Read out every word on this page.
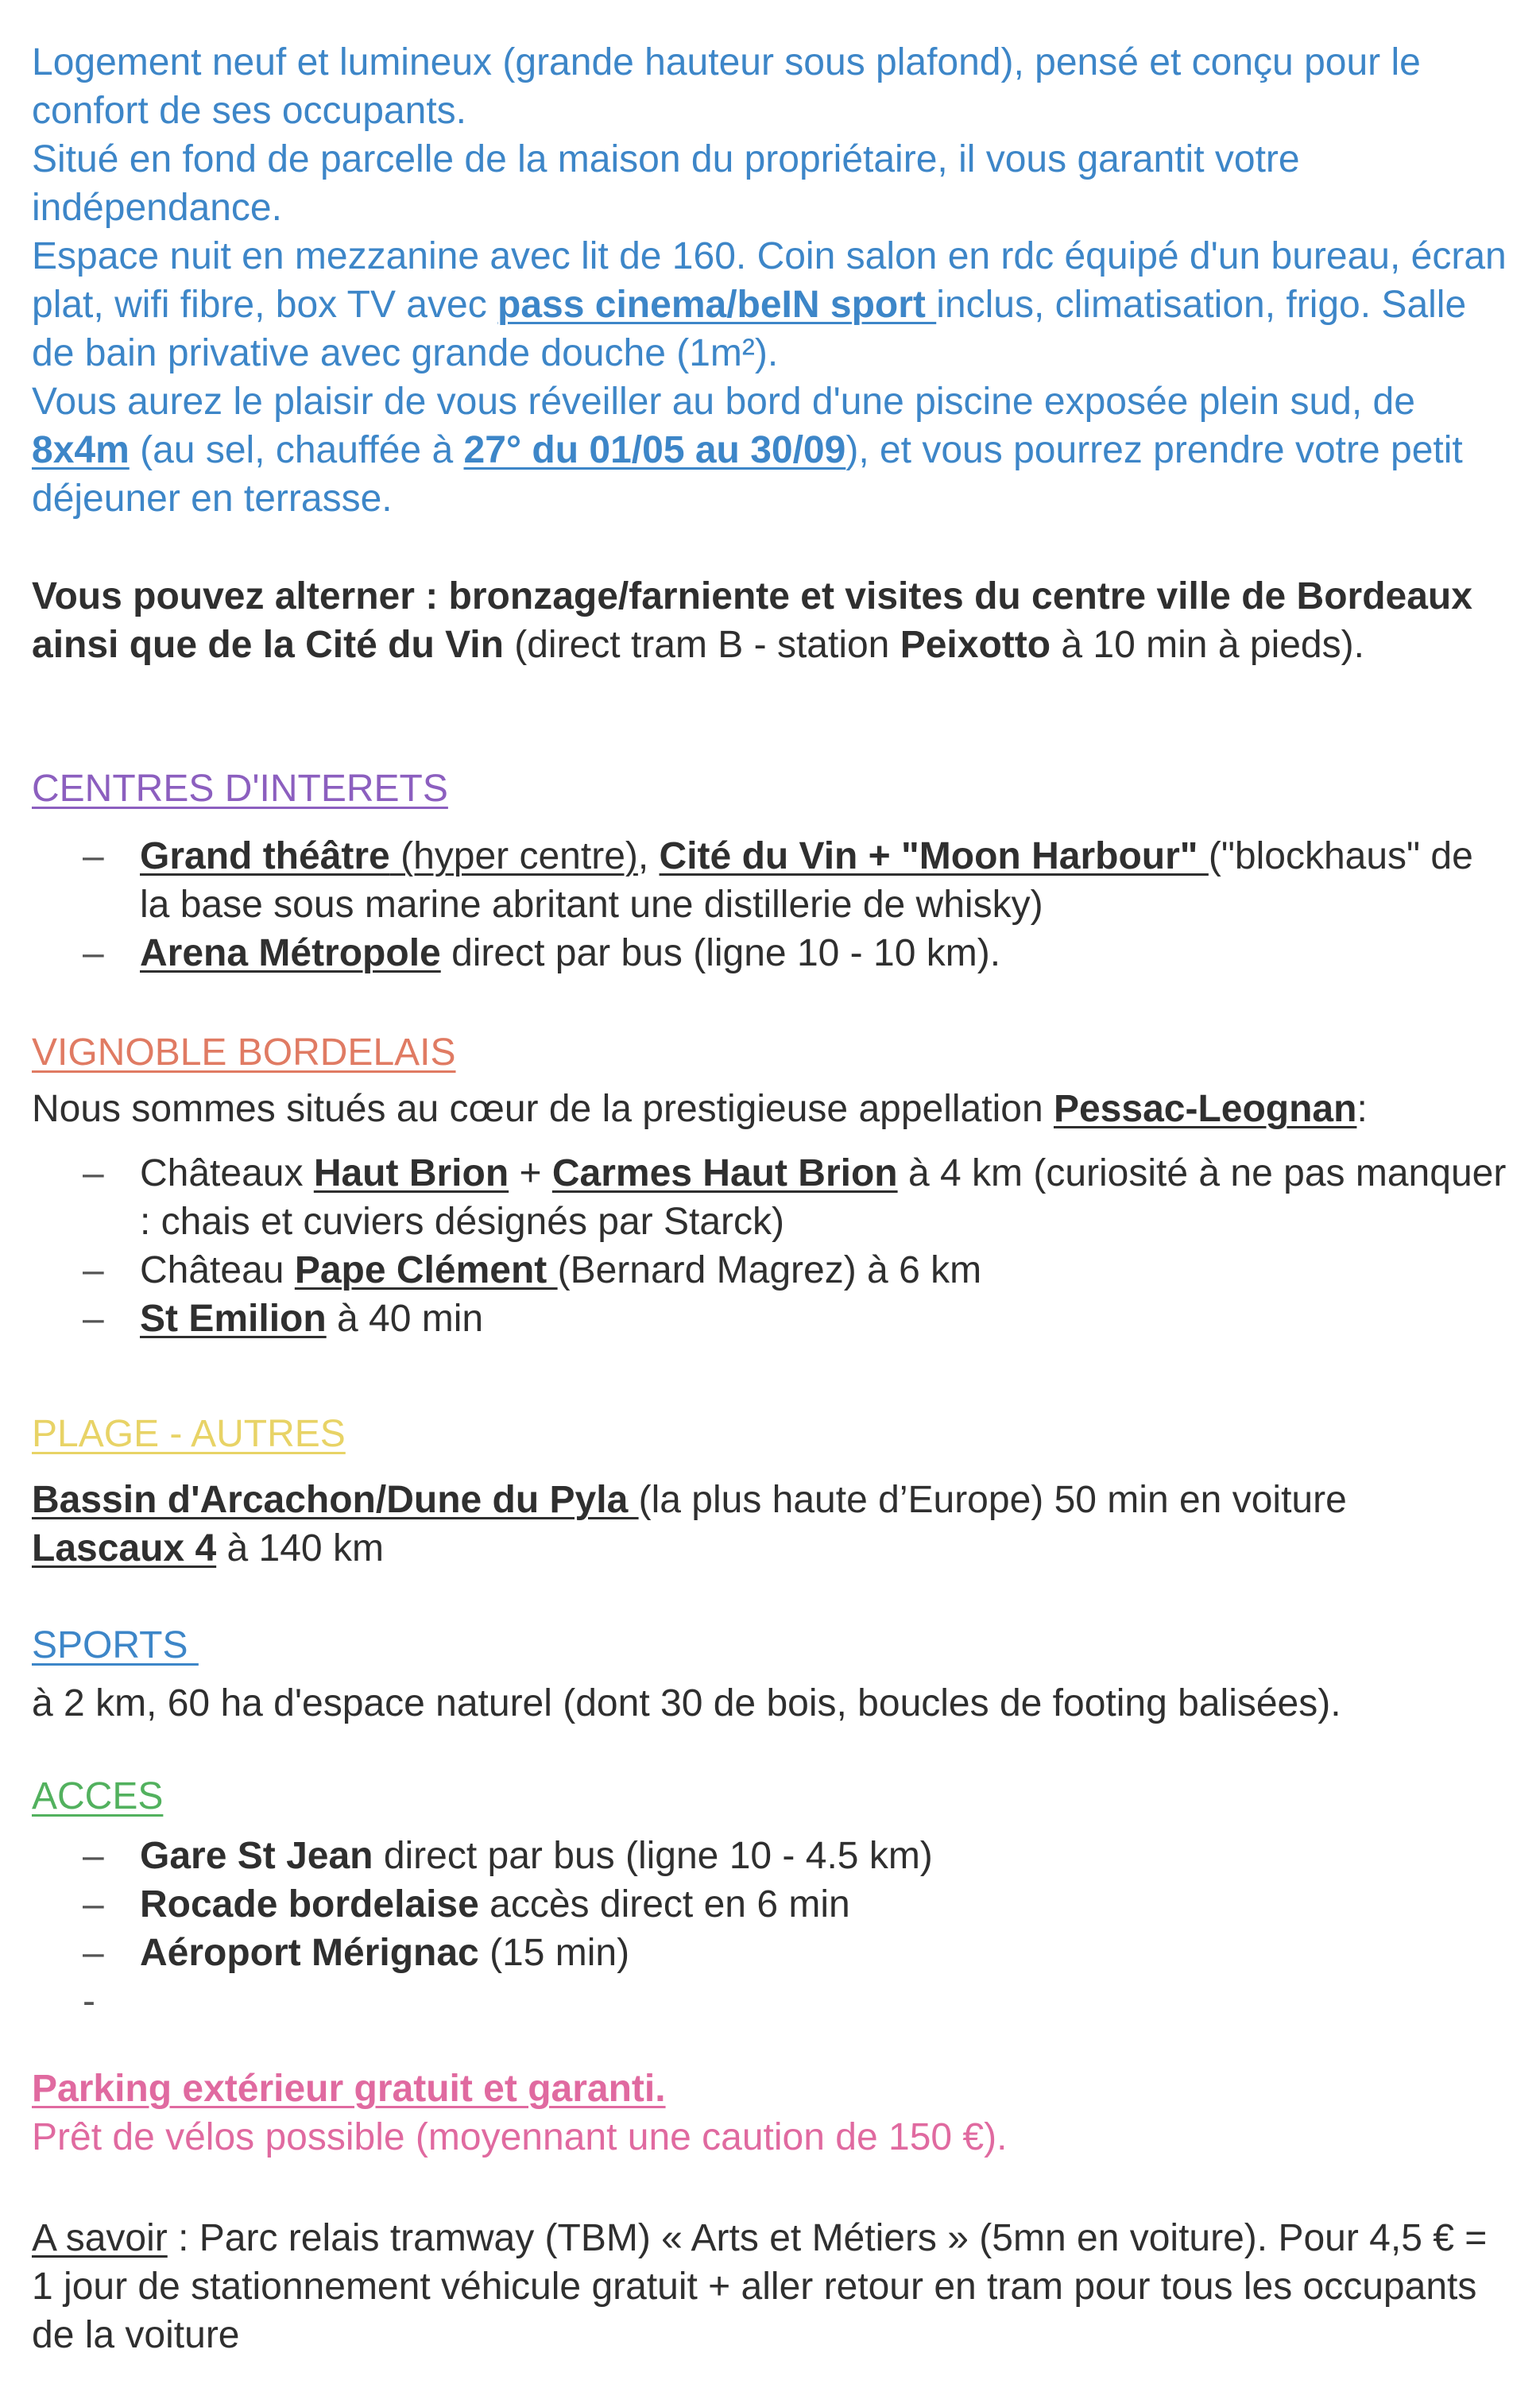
Logement neuf et lumineux (grande hauteur sous plafond), pensé et conçu pour le confort de ses occupants.

Situé en fond de parcelle de la maison du propriétaire, il vous garantit votre indépendance.

Espace nuit en mezzanine avec lit de 160. Coin salon en rdc équipé d'un bureau, écran plat, wifi fibre, box TV avec pass cinema/beIN sport inclus, climatisation, frigo. Salle de bain privative avec grande douche (1m²).

Vous aurez le plaisir de vous réveiller au bord d'une piscine exposée plein sud, de 8x4m (au sel, chauffée à 27° du 01/05 au 30/09), et vous pourrez prendre votre petit déjeuner en terrasse.

Vous pouvez alterner : bronzage/farniente et visites du centre ville de Bordeaux ainsi que de la Cité du Vin (direct tram B - station Peixotto à 10 min à pieds).

CENTRES D'INTERETS

– Grand théâtre (hyper centre), Cité du Vin + "Moon Harbour" ("blockhaus" de la base sous marine abritant une distillerie de whisky)
– Arena Métropole direct par bus (ligne 10 - 10 km).

VIGNOBLE BORDELAIS

Nous sommes situés au cœur de la prestigieuse appellation Pessac-Leognan:

– Châteaux Haut Brion + Carmes Haut Brion à 4 km (curiosité à ne pas manquer : chais et cuviers désignés par Starck)
– Château Pape Clément (Bernard Magrez) à 6 km
– St Emilion à 40 min

PLAGE - AUTRES

Bassin d'Arcachon/Dune du Pyla (la plus haute d’Europe) 50 min en voiture

Lascaux 4 à 140 km

SPORTS

à 2 km, 60 ha d'espace naturel (dont 30 de bois, boucles de footing balisées).

ACCES

– Gare St Jean direct par bus (ligne 10 - 4.5 km)
– Rocade bordelaise accès direct en 6 min
– Aéroport Mérignac (15 min)
-

Parking extérieur gratuit et garanti.

Prêt de vélos possible (moyennant une caution de 150 €).

A savoir : Parc relais tramway (TBM) « Arts et Métiers » (5mn en voiture). Pour 4,5 € = 1 jour de stationnement véhicule gratuit + aller retour en tram pour tous les occupants de la voiture
